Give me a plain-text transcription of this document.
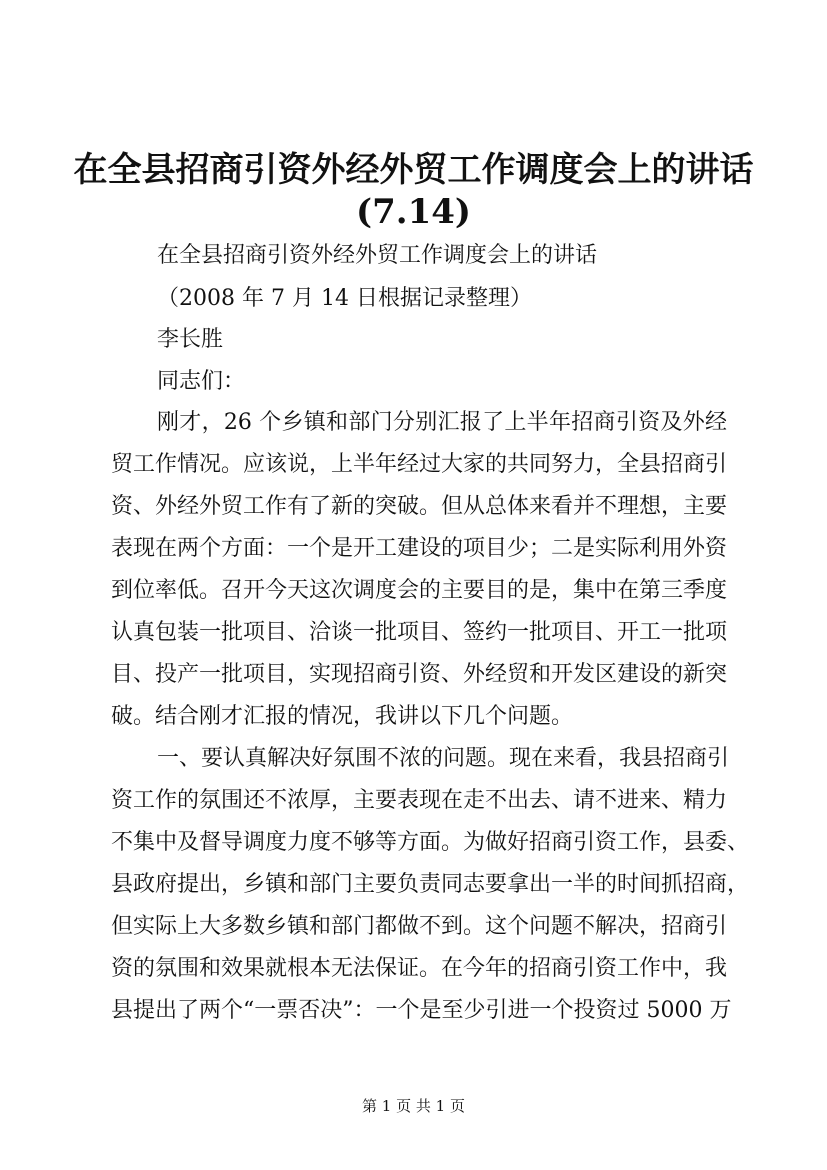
在全县招商引资外经外贸工作调度会上的讲话

(7.14)

在全县招商引资外经外贸工作调度会上的讲话

（2008 年 7 月 14 日根据记录整理）

李长胜

同志们：

刚才，26 个乡镇和部门分别汇报了上半年招商引资及外经

贸工作情况。应该说，上半年经过大家的共同努力，全县招商引

资、外经外贸工作有了新的突破。但从总体来看并不理想，主要

表现在两个方面：一个是开工建设的项目少；二是实际利用外资

到位率低。召开今天这次调度会的主要目的是，集中在第三季度

认真包装一批项目、洽谈一批项目、签约一批项目、开工一批项

目、投产一批项目，实现招商引资、外经贸和开发区建设的新突

破。结合刚才汇报的情况，我讲以下几个问题。

一、要认真解决好氛围不浓的问题。现在来看，我县招商引

资工作的氛围还不浓厚，主要表现在走不出去、请不进来、精力

不集中及督导调度力度不够等方面。为做好招商引资工作，县委、

县政府提出，乡镇和部门主要负责同志要拿出一半的时间抓招商，

但实际上大多数乡镇和部门都做不到。这个问题不解决，招商引

资的氛围和效果就根本无法保证。在今年的招商引资工作中，我

县提出了两个“一票否决”：一个是至少引进一个投资过 5000 万

第 1 页 共 1 页
